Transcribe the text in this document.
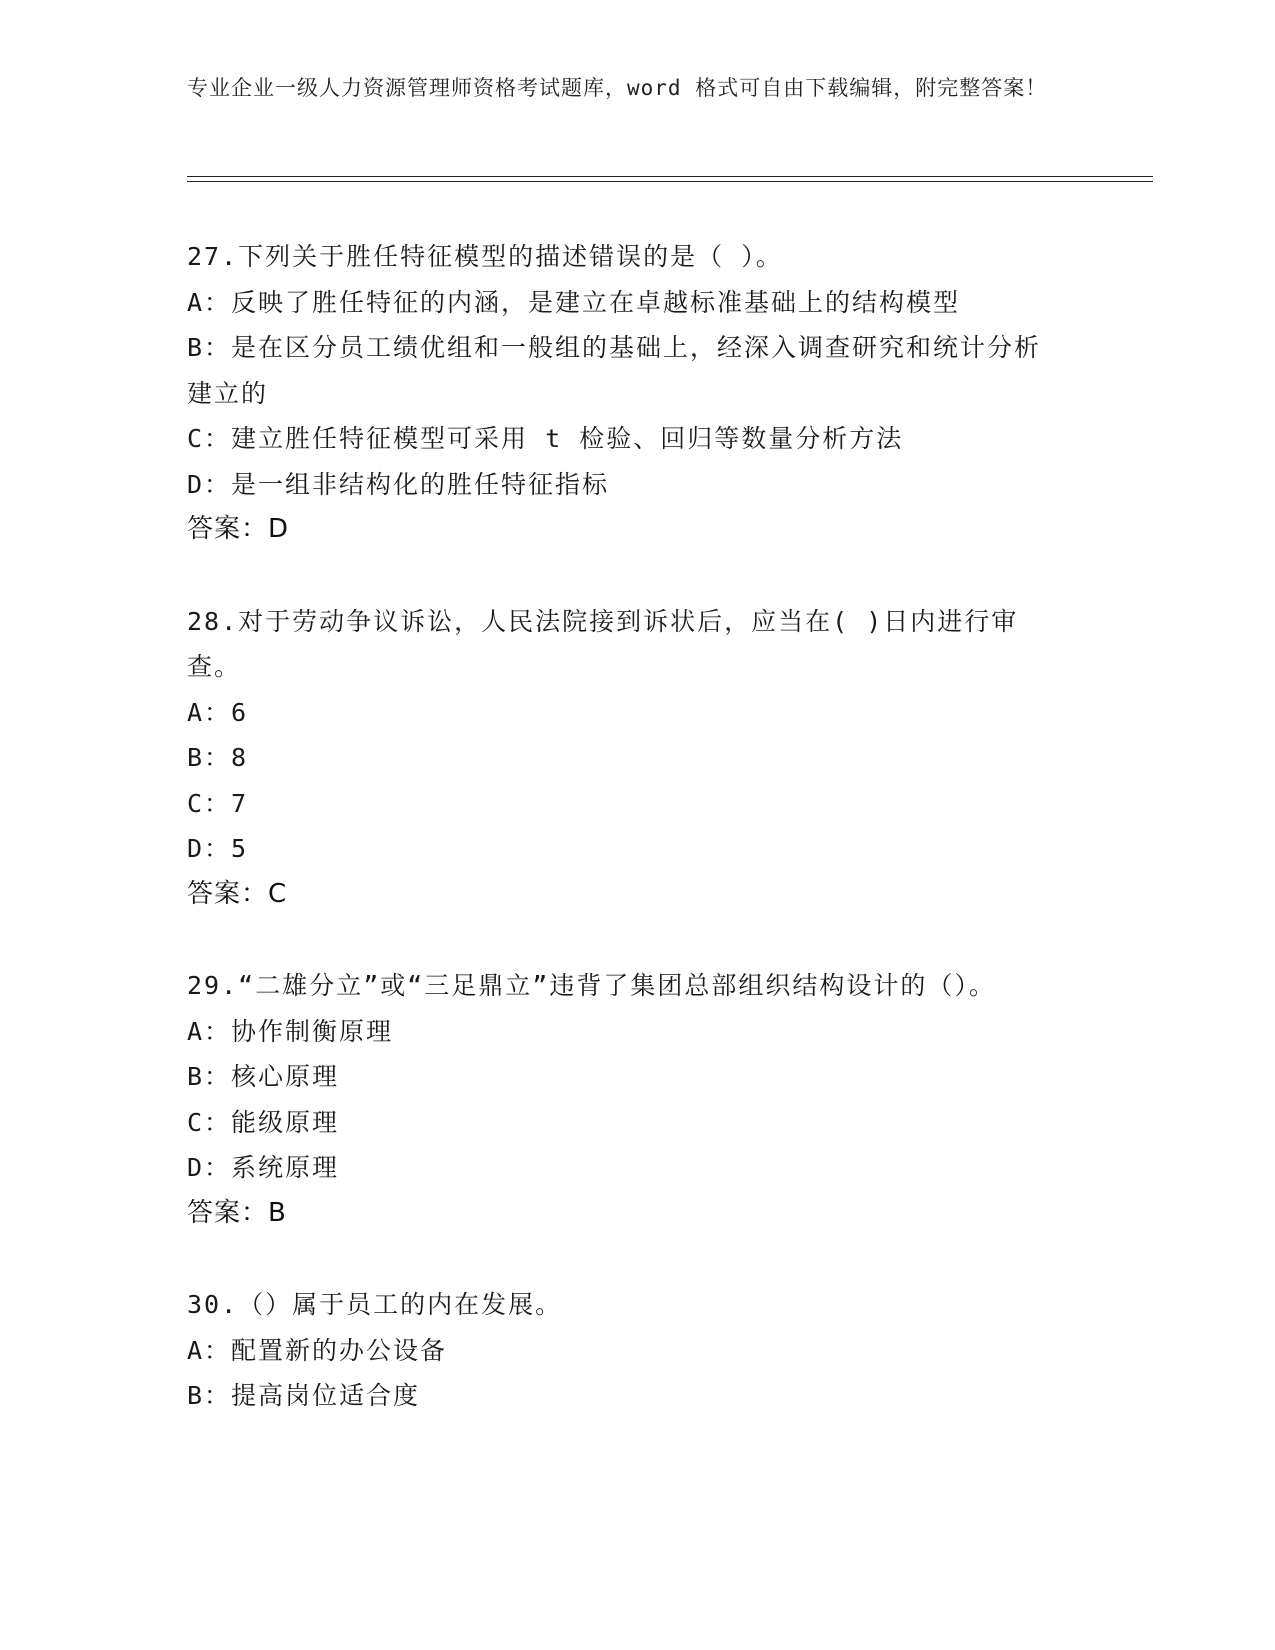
专业企业一级人力资源管理师资格考试题库，word 格式可自由下载编辑，附完整答案！
27.下列关于胜任特征模型的描述错误的是（ ）。
A：反映了胜任特征的内涵，是建立在卓越标准基础上的结构模型
B：是在区分员工绩优组和一般组的基础上，经深入调查研究和统计分析建立的
C：建立胜任特征模型可采用 t 检验、回归等数量分析方法
D：是一组非结构化的胜任特征指标
答案：D
28.对于劳动争议诉讼，人民法院接到诉状后，应当在( )日内进行审查。
A：6
B：8
C：7
D：5
答案：C
29.“二雄分立”或“三足鼎立”违背了集团总部组织结构设计的（）。
A：协作制衡原理
B：核心原理
C：能级原理
D：系统原理
答案：B
30.（）属于员工的内在发展。
A：配置新的办公设备
B：提高岗位适合度
